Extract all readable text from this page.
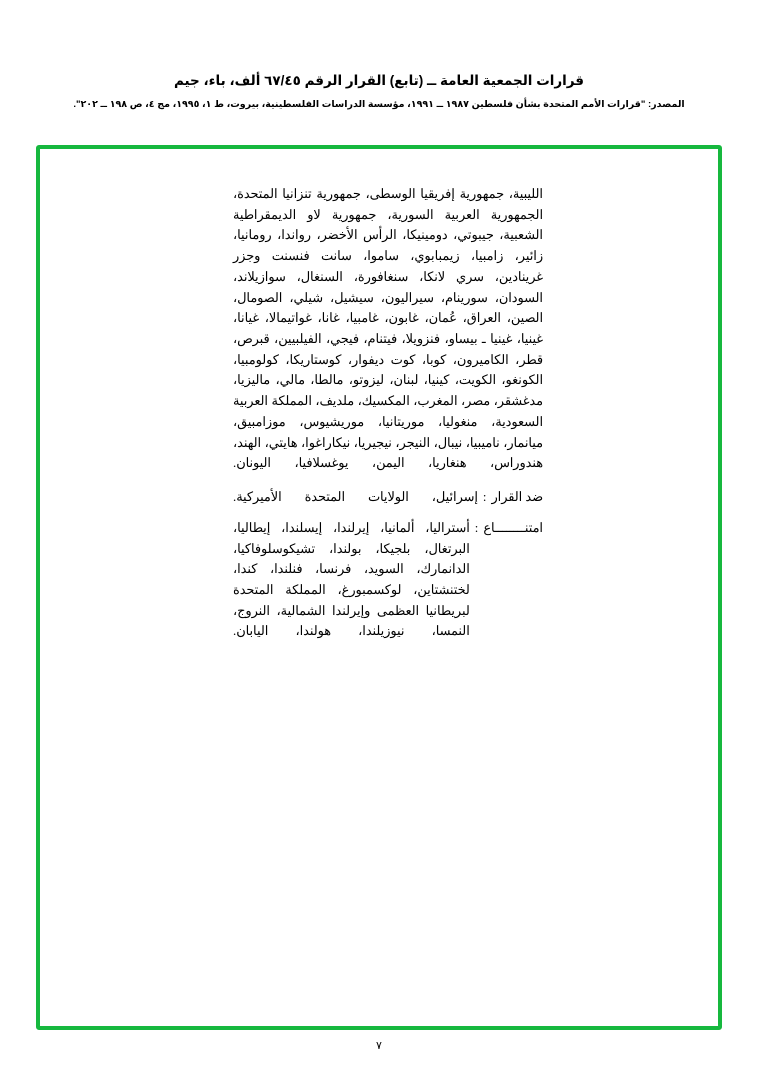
قرارات الجمعية العامة ــ (تابع) القرار الرقم ٦٧/٤٥ ألف، باء، جيم
المصدر: "قرارات الأمم المتحدة بشأن فلسطين ١٩٨٧ ــ ١٩٩١، مؤسسة الدراسات الفلسطينية، بيروت، ط ١، ١٩٩٥، مج ٤، ص ١٩٨ ــ ٢٠٢".

الليبية، جمهورية إفريقيا الوسطى، جمهورية تنزانيا المتحدة، الجمهورية العربية السورية، جمهورية لاو الديمقراطية الشعبية، جيبوتي، دومينيكا، الرأس الأخضر، رواندا، رومانيا، زائير، زامبيا، زيمبابوي، ساموا، سانت فنسنت وجزر غرينادين، سري لانكا، سنغافورة، السنغال، سوازيلاند، السودان، سورينام، سيراليون، سيشيل، شيلي، الصومال، الصين، العراق، عُمان، غابون، غامبيا، غانا، غواتيمالا، غيانا، غينيا، غينيا ـ بيساو، فنزويلا، فيتنام، فيجي، الفيلبيين، قبرص، قطر، الكاميرون، كوبا، كوت ديفوار، كوستاريكا، كولومبيا، الكونغو، الكويت، كينيا، لبنان، ليزوتو، مالطا، مالي، ماليزيا، مدغشقر، مصر، المغرب، المكسيك، ملديف، المملكة العربية السعودية، منغوليا، موريتانيا، موريشيوس، موزامبيق، ميانمار، ناميبيا، نيبال، النيجر، نيجيريا، نيكاراغوا، هايتي، الهند، هندوراس، هنغاريا، اليمن، يوغسلافيا، اليونان.

ضد القرار
:
إسرائيل، الولايات المتحدة الأميركية.
امتنــــــــاع
:
أستراليا، ألمانيا، إيرلندا، إيسلندا، إيطاليا، البرتغال، بلجيكا، بولندا، تشيكوسلوفاكيا، الدانمارك، السويد، فرنسا، فنلندا، كندا، لختنشتاين، لوكسمبورغ، المملكة المتحدة لبريطانيا العظمى وإيرلندا الشمالية، النروج، النمسا، نيوزيلندا، هولندا، اليابان.
٧
